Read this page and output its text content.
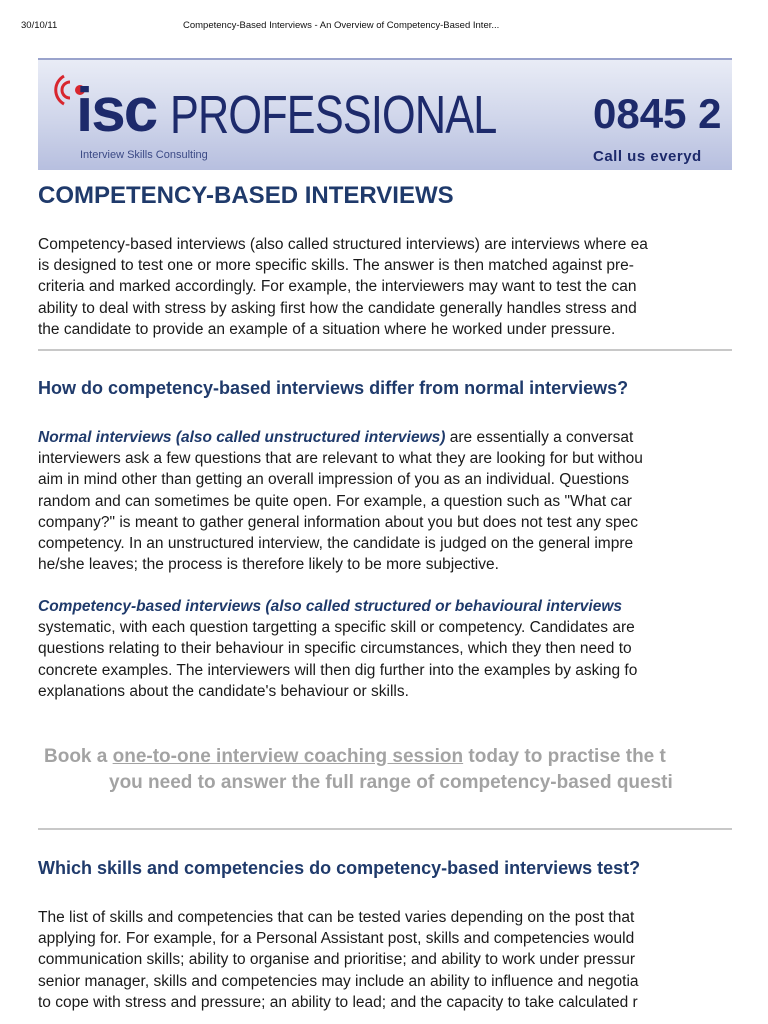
30/10/11	Competency-Based Interviews - An Overview of Competency-Based Inter...
isc PROFESSIONAL
Interview Skills Consulting
0845 2
Call us everyd
COMPETENCY-BASED INTERVIEWS
Competency-based interviews (also called structured interviews) are interviews where ea
is designed to test one or more specific skills. The answer is then matched against pre-
criteria and marked accordingly. For example, the interviewers may want to test the can
ability to deal with stress by asking first how the candidate generally handles stress and
the candidate to provide an example of a situation where he worked under pressure.
How do competency-based interviews differ from normal interviews?
Normal interviews (also called unstructured interviews) are essentially a conversat
interviewers ask a few questions that are relevant to what they are looking for but withou
aim in mind other than getting an overall impression of you as an individual. Questions
random and can sometimes be quite open. For example, a question such as "What car
company?" is meant to gather general information about you but does not test any spec
competency. In an unstructured interview, the candidate is judged on the general impre
he/she leaves; the process is therefore likely to be more subjective.
Competency-based interviews (also called structured or behavioural interviews
systematic, with each question targetting a specific skill or competency. Candidates are
questions relating to their behaviour in specific circumstances, which they then need to
concrete examples. The interviewers will then dig further into the examples by asking fo
explanations about the candidate's behaviour or skills.
Book a one-to-one interview coaching session today to practise the t
you need to answer the full range of competency-based questi
Which skills and competencies do competency-based interviews test?
The list of skills and competencies that can be tested varies depending on the post that
applying for. For example, for a Personal Assistant post, skills and competencies would
communication skills; ability to organise and prioritise; and ability to work under pressur
senior manager, skills and competencies may include an ability to influence and negotia
to cope with stress and pressure; an ability to lead; and the capacity to take calculated r
